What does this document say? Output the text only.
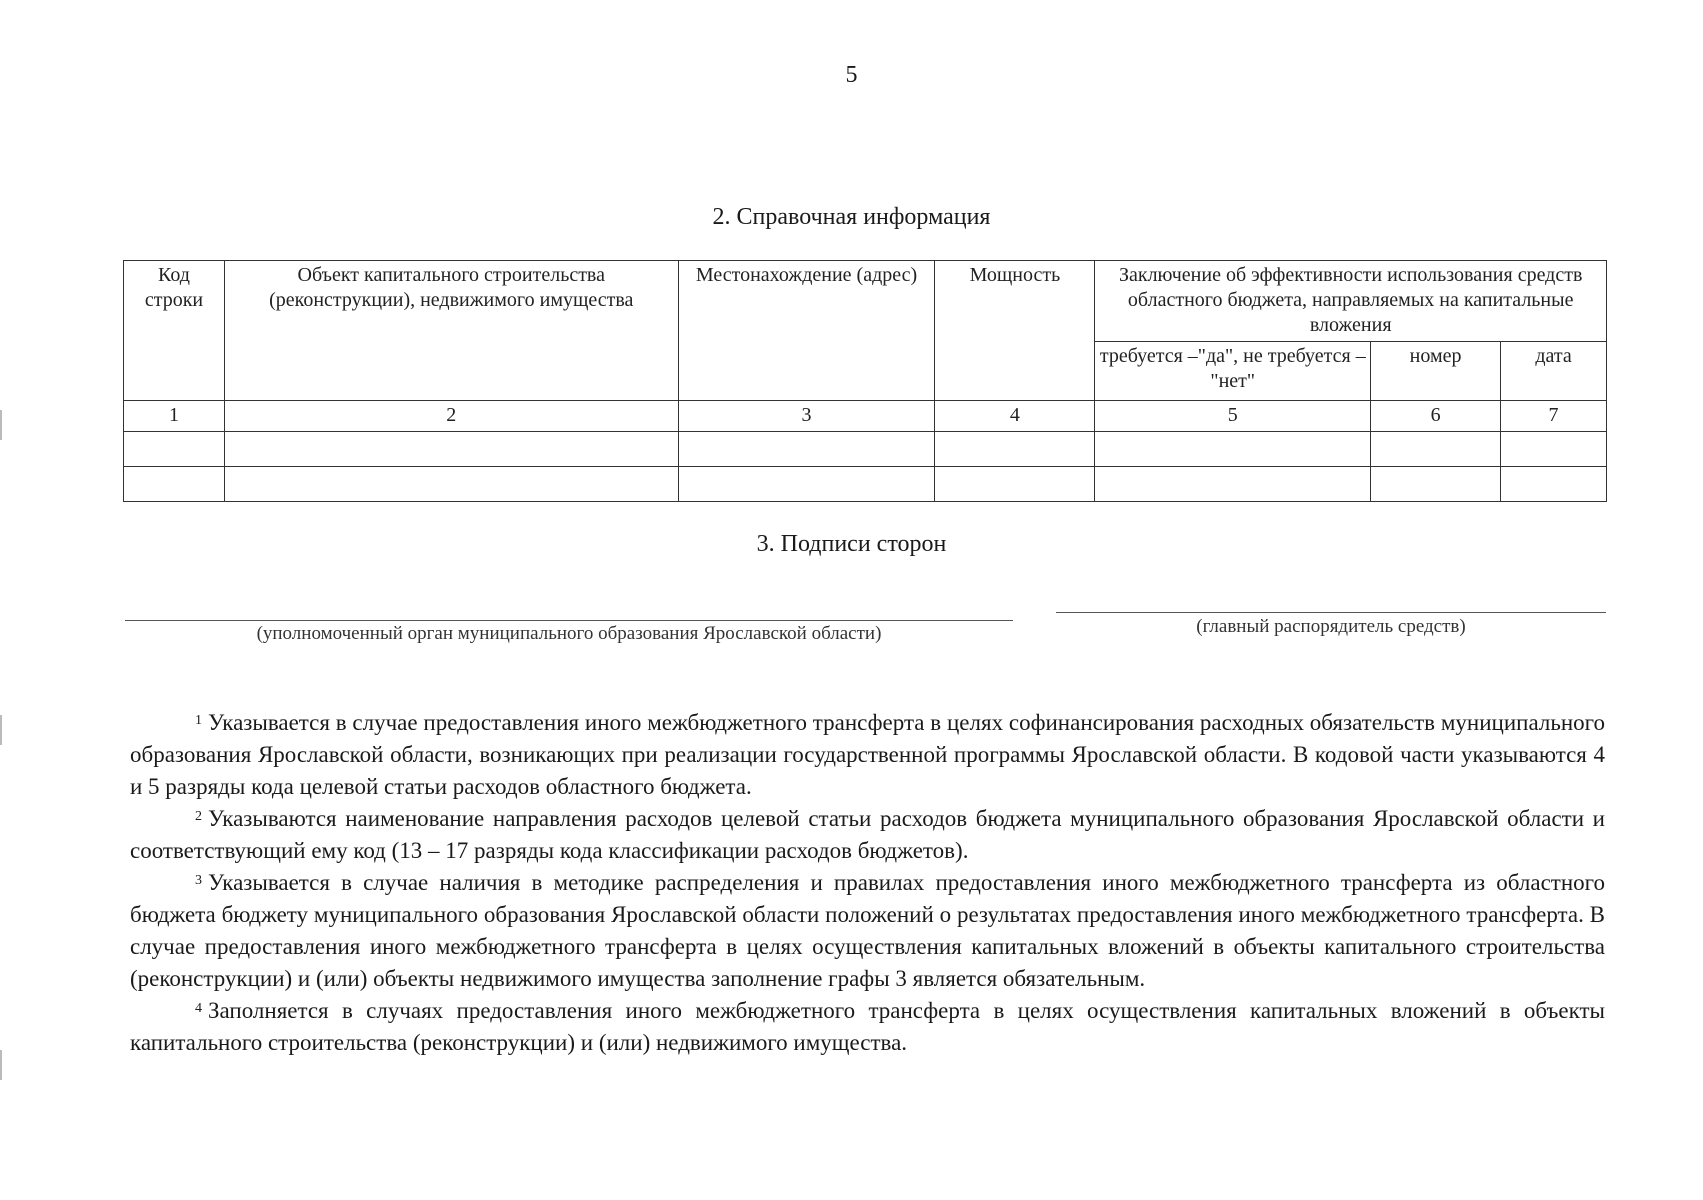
5
2. Справочная информация
Код строки	Объект капитального строительства (реконструкции), недвижимого имущества	Местонахождение (адрес)	Мощность	Заключение об эффективности использования средств областного бюджета, направляемых на капитальные вложения		
				требуется –"да", не требуется – "нет"	номер	дата
1	2	3	4	5	6	7

3. Подписи сторон
(уполномоченный орган муниципального образования Ярославской области)	(главный распорядитель средств)

$^1$ Указывается в случае предоставления иного межбюджетного трансферта в целях софинансирования расходных обязательств муниципального образования Ярославской области, возникающих при реализации государственной программы Ярославской области. В кодовой части указываются 4 и 5 разряды кода целевой статьи расходов областного бюджета.

$^2$ Указываются наименование направления расходов целевой статьи расходов бюджета муниципального образования Ярославской области и соответствующий ему код (13 – 17 разряды кода классификации расходов бюджетов).

$^3$ Указывается в случае наличия в методике распределения и правилах предоставления иного межбюджетного трансферта из областного бюджета бюджету муниципального образования Ярославской области положений о результатах предоставления иного межбюджетного трансферта. В случае предоставления иного межбюджетного трансферта в целях осуществления капитальных вложений в объекты капитального строительства (реконструкции) и (или) объекты недвижимого имущества заполнение графы 3 является обязательным.

$^4$ Заполняется в случаях предоставления иного межбюджетного трансферта в целях осуществления капитальных вложений в объекты капитального строительства (реконструкции) и (или) недвижимого имущества.
